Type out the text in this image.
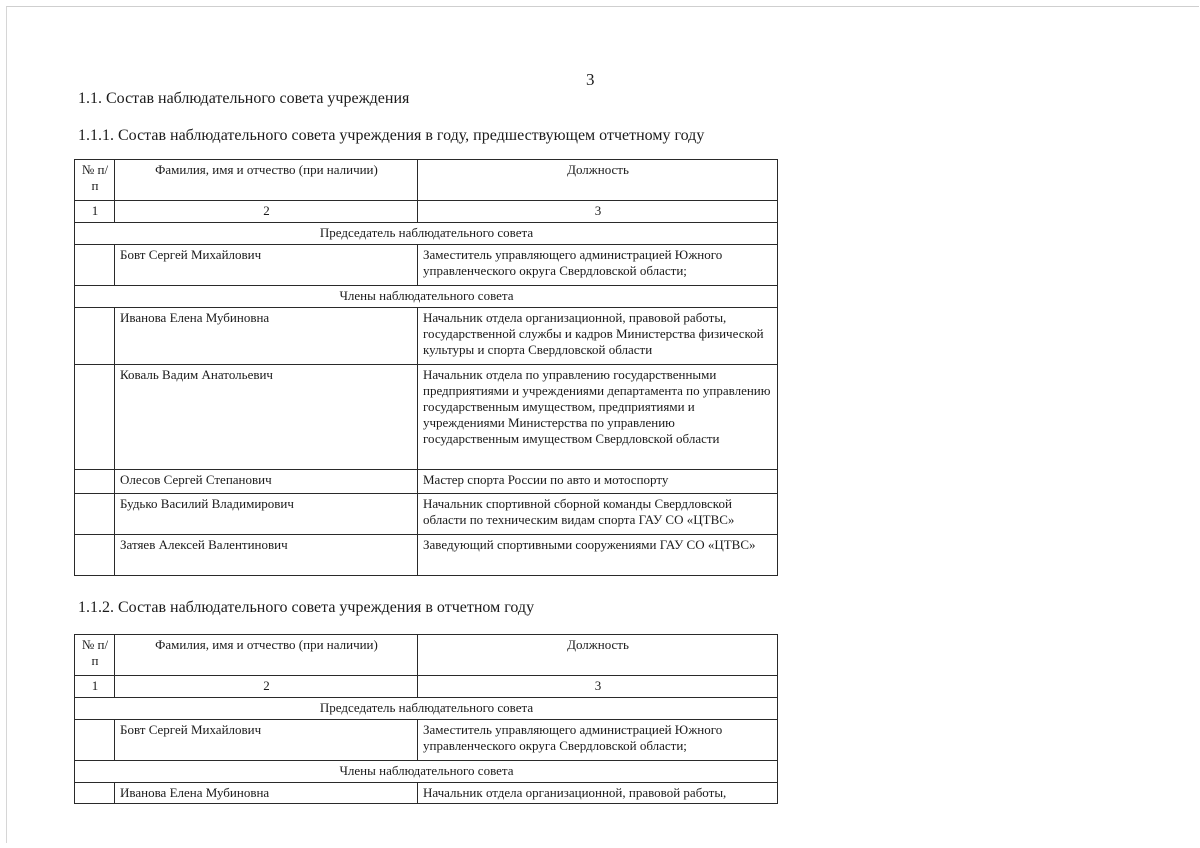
3
1.1. Состав наблюдательного совета учреждения
1.1.1. Состав наблюдательного совета учреждения в году, предшествующем отчетному году
№ п/п	Фамилия, имя и отчество (при наличии)	Должность
1	2	3
Председатель наблюдательного совета		
	Бовт Сергей Михайлович	Заместитель управляющего администрацией Южного управленческого округа Свердловской области;
Члены наблюдательного совета		
	Иванова Елена Мубиновна	Начальник отдела организационной, правовой работы, государственной службы и кадров Министерства физической культуры и спорта Свердловской области
	Коваль Вадим Анатольевич	Начальник отдела по управлению государственными предприятиями и учреждениями департамента по управлению государственным имуществом, предприятиями и учреждениями Министерства по управлению государственным имуществом Свердловской области
	Олесов Сергей Степанович	Мастер спорта России по авто и мотоспорту
	Будько Василий Владимирович	Начальник спортивной сборной команды Свердловской области по техническим видам спорта ГАУ СО «ЦТВС»
	Затяев Алексей Валентинович	Заведующий спортивными сооружениями ГАУ СО «ЦТВС»
1.1.2. Состав наблюдательного совета учреждения в отчетном году
№ п/п	Фамилия, имя и отчество (при наличии)	Должность
1	2	3
Председатель наблюдательного совета		
	Бовт Сергей Михайлович	Заместитель управляющего администрацией Южного управленческого округа Свердловской области;
Члены наблюдательного совета		
	Иванова Елена Мубиновна	Начальник отдела организационной, правовой работы,
